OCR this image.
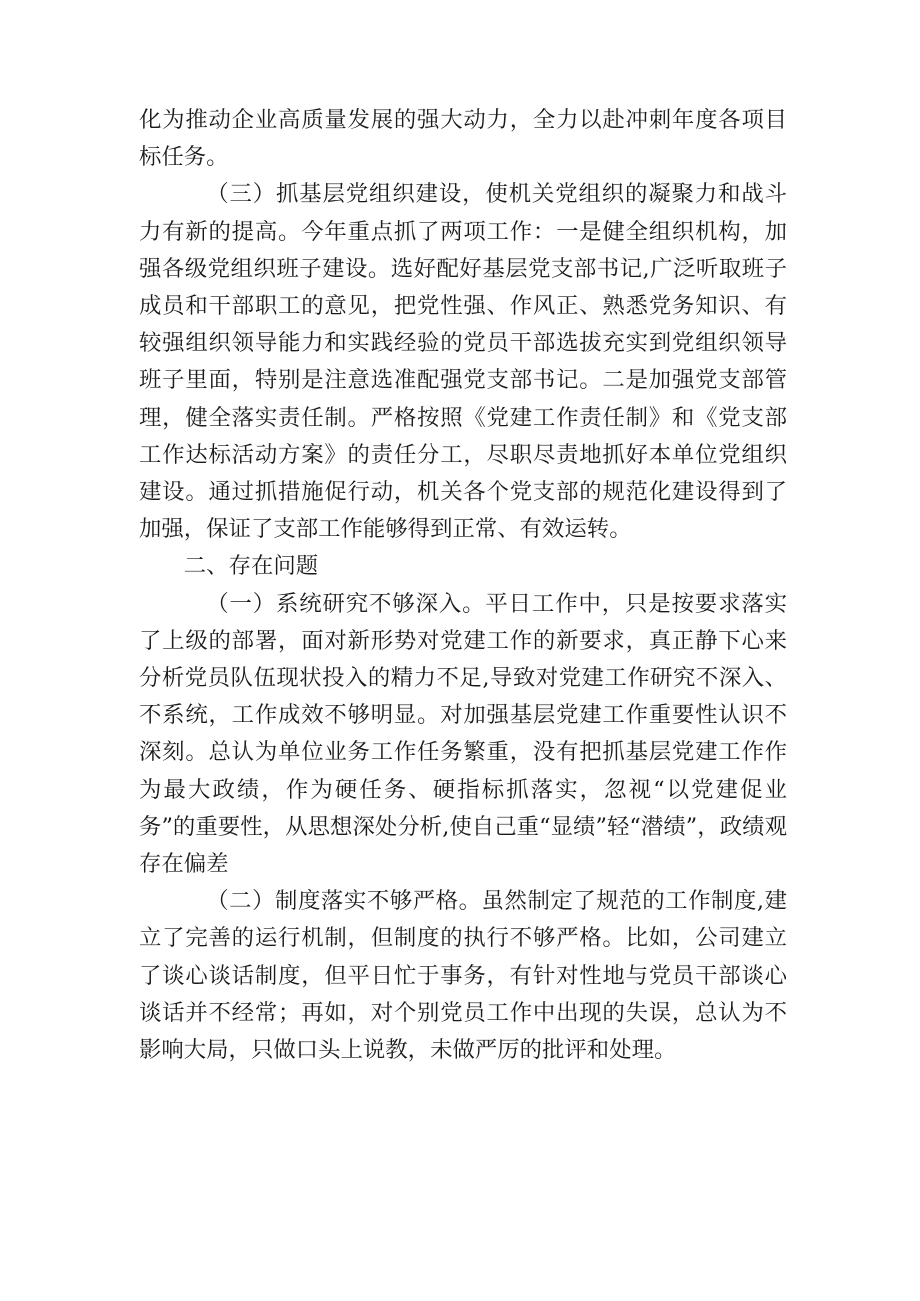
化为推动企业高质量发展的强大动力，全力以赴冲刺年度各项目标任务。

（三）抓基层党组织建设，使机关党组织的凝聚力和战斗力有新的提高。今年重点抓了两项工作：一是健全组织机构，加强各级党组织班子建设。选好配好基层党支部书记,广泛听取班子成员和干部职工的意见，把党性强、作风正、熟悉党务知识、有较强组织领导能力和实践经验的党员干部选拔充实到党组织领导班子里面，特别是注意选准配强党支部书记。二是加强党支部管理，健全落实责任制。严格按照《党建工作责任制》和《党支部工作达标活动方案》的责任分工，尽职尽责地抓好本单位党组织建设。通过抓措施促行动，机关各个党支部的规范化建设得到了加强，保证了支部工作能够得到正常、有效运转。

二、存在问题

（一）系统研究不够深入。平日工作中，只是按要求落实了上级的部署，面对新形势对党建工作的新要求，真正静下心来分析党员队伍现状投入的精力不足,导致对党建工作研究不深入、不系统，工作成效不够明显。对加强基层党建工作重要性认识不深刻。总认为单位业务工作任务繁重，没有把抓基层党建工作作为最大政绩，作为硬任务、硬指标抓落实，忽视“以党建促业务”的重要性，从思想深处分析,使自己重“显绩”轻“潜绩”，政绩观存在偏差

（二）制度落实不够严格。虽然制定了规范的工作制度,建立了完善的运行机制，但制度的执行不够严格。比如，公司建立了谈心谈话制度，但平日忙于事务，有针对性地与党员干部谈心谈话并不经常；再如，对个别党员工作中出现的失误，总认为不影响大局，只做口头上说教，未做严厉的批评和处理。
